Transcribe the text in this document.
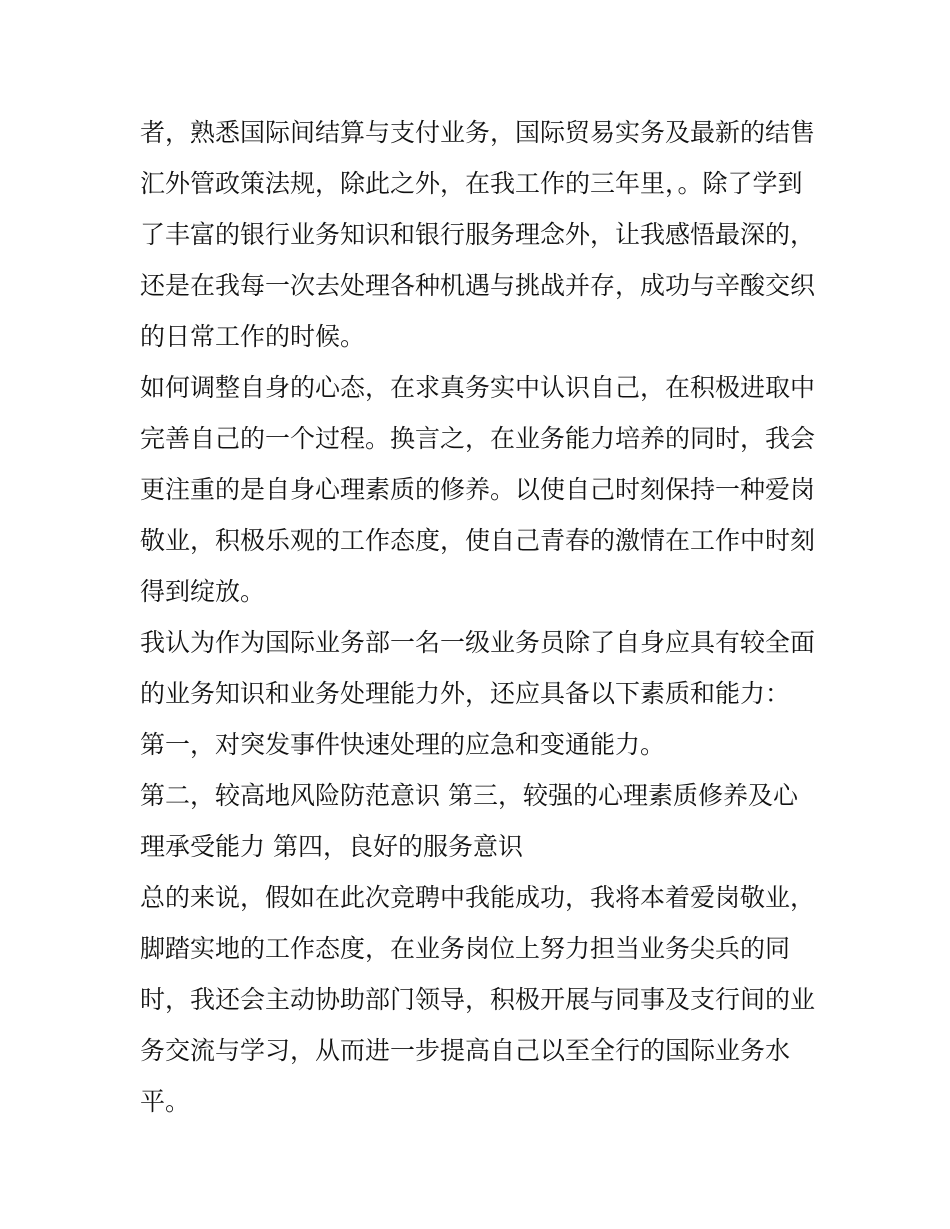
者，熟悉国际间结算与支付业务，国际贸易实务及最新的结售
汇外管政策法规，除此之外，在我工作的三年里，。除了学到
了丰富的银行业务知识和银行服务理念外，让我感悟最深的，
还是在我每一次去处理各种机遇与挑战并存，成功与辛酸交织
的日常工作的时候。
如何调整自身的心态，在求真务实中认识自己，在积极进取中
完善自己的一个过程。换言之，在业务能力培养的同时，我会
更注重的是自身心理素质的修养。以使自己时刻保持一种爱岗
敬业，积极乐观的工作态度，使自己青春的激情在工作中时刻
得到绽放。
我认为作为国际业务部一名一级业务员除了自身应具有较全面
的业务知识和业务处理能力外，还应具备以下素质和能力：
第一，对突发事件快速处理的应急和变通能力。
第二，较高地风险防范意识 第三，较强的心理素质修养及心
理承受能力 第四，良好的服务意识
总的来说，假如在此次竞聘中我能成功，我将本着爱岗敬业，
脚踏实地的工作态度，在业务岗位上努力担当业务尖兵的同
时，我还会主动协助部门领导，积极开展与同事及支行间的业
务交流与学习，从而进一步提高自己以至全行的国际业务水
平。
